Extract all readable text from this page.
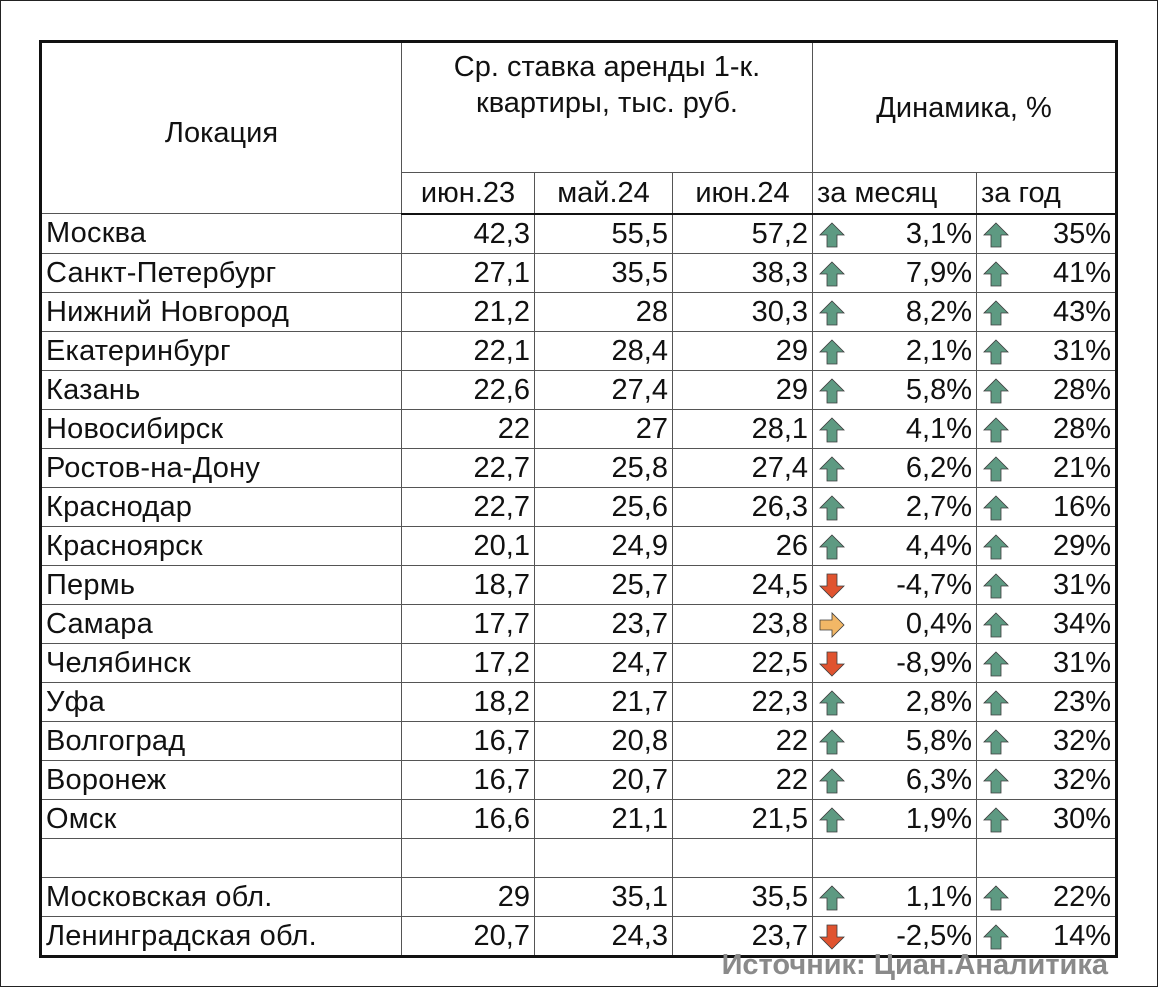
Локация	Ср. ставка аренды 1-к. квартиры, тыс. руб.			Динамика, %	
	июн.23	май.24	июн.24	за месяц	за год
Москва	42,3	55,5	57,2	3,1%	35%
Санкт-Петербург	27,1	35,5	38,3	7,9%	41%
Нижний Новгород	21,2	28	30,3	8,2%	43%
Екатеринбург	22,1	28,4	29	2,1%	31%
Казань	22,6	27,4	29	5,8%	28%
Новосибирск	22	27	28,1	4,1%	28%
Ростов-на-Дону	22,7	25,8	27,4	6,2%	21%
Краснодар	22,7	25,6	26,3	2,7%	16%
Красноярск	20,1	24,9	26	4,4%	29%
Пермь	18,7	25,7	24,5	-4,7%	31%
Самара	17,7	23,7	23,8	0,4%	34%
Челябинск	17,2	24,7	22,5	-8,9%	31%
Уфа	18,2	21,7	22,3	2,8%	23%
Волгоград	16,7	20,8	22	5,8%	32%
Воронеж	16,7	20,7	22	6,3%	32%
Омск	16,6	21,1	21,5	1,9%	30%

Московская обл.	29	35,1	35,5	1,1%	22%
Ленинградская обл.	20,7	24,3	23,7	-2,5%	14%
Источник: Циан.Аналитика
